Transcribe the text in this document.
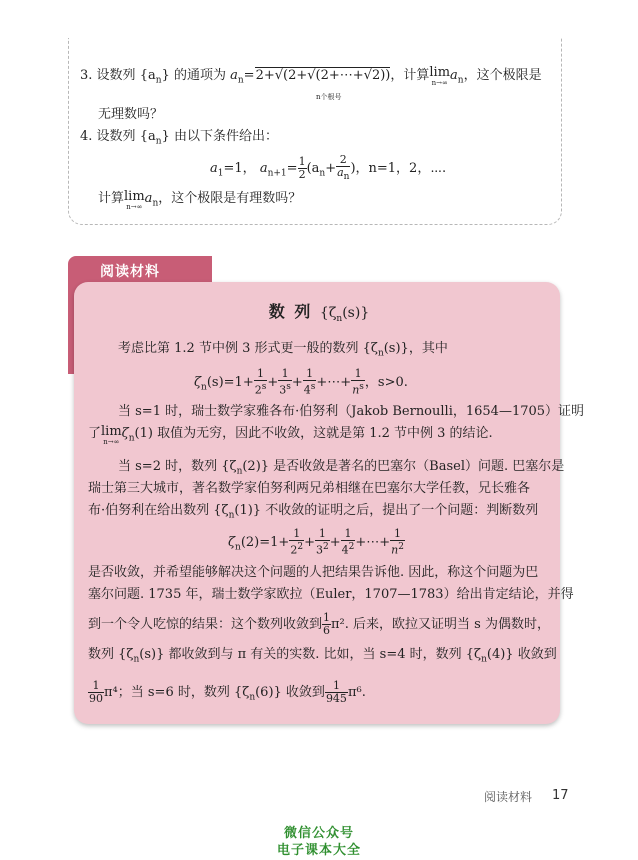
3. 设数列 $\{a_n\}$ 的通项为 $a_n=2+√(2+√(2+\cdots+√2))$，计算lim
n→∞ $a_n$，这个极限是
n个根号
无理数吗？
4. 设数列 $\{a_n\}$ 由以下条件给出：
$a_1=1$， $a_{n+1}= \frac{1}{2} (a_n+ \frac{2}{a_n}$ )，n=1，2，⋯.
计算lim
n→∞
$a_n$，这个极限是有理数吗？
阅读材料
数 列 $\{\zeta_n(s)\}$
考虑比第 1.2 节中例 3 形式更一般的数列 $\{\zeta_n(s)\}$，其中
$\zeta_n(s)=1+ \frac{1}{2^s} + \frac{1}{3^s} + \frac{1}{4^s}$ +⋯+ $\frac{1}{n^s}$ ，s>0.
当 s=1 时，瑞士数学家雅各布·伯努利（Jakob Bernoulli，1654—1705）证明
了lim
n→∞
$\zeta_n(1)$ 取值为无穷，因此不收敛，这就是第 1.2 节中例 3 的结论.
当 s=2 时，数列 $\{\zeta_n(2)\}$ 是否收敛是著名的巴塞尔（Basel）问题. 巴塞尔是
瑞士第三大城市，著名数学家伯努利两兄弟相继在巴塞尔大学任教，兄长雅各
布·伯努利在给出数列 $\{\zeta_n(1)\}$ 不收敛的证明之后，提出了一个问题：判断数列
$\zeta_n(2)=1+ \frac{1}{2^2} + \frac{1}{3^2} + \frac{1}{4^2}$ +⋯+ $\frac{1}{n^2}$
是否收敛，并希望能够解决这个问题的人把结果告诉他. 因此，称这个问题为巴
塞尔问题. 1735 年，瑞士数学家欧拉（Euler，1707—1783）给出肯定结论，并得
到一个令人吃惊的结果：这个数列收敛到 $\frac{1}{6} \pi^2$. 后来，欧拉又证明当 s 为偶数时，
数列 $\{\zeta_n(s)\}$ 都收敛到与 π 有关的实数. 比如，当 s=4 时，数列 $\{\zeta_n(4)\}$ 收敛到
$\frac{1}{90} \pi^4$；当 s=6 时，数列 $\{\zeta_n(6)\}$ 收敛到 $\frac{1}{945} \pi^6$.
阅读材料 17
微信公众号
电子课本大全
